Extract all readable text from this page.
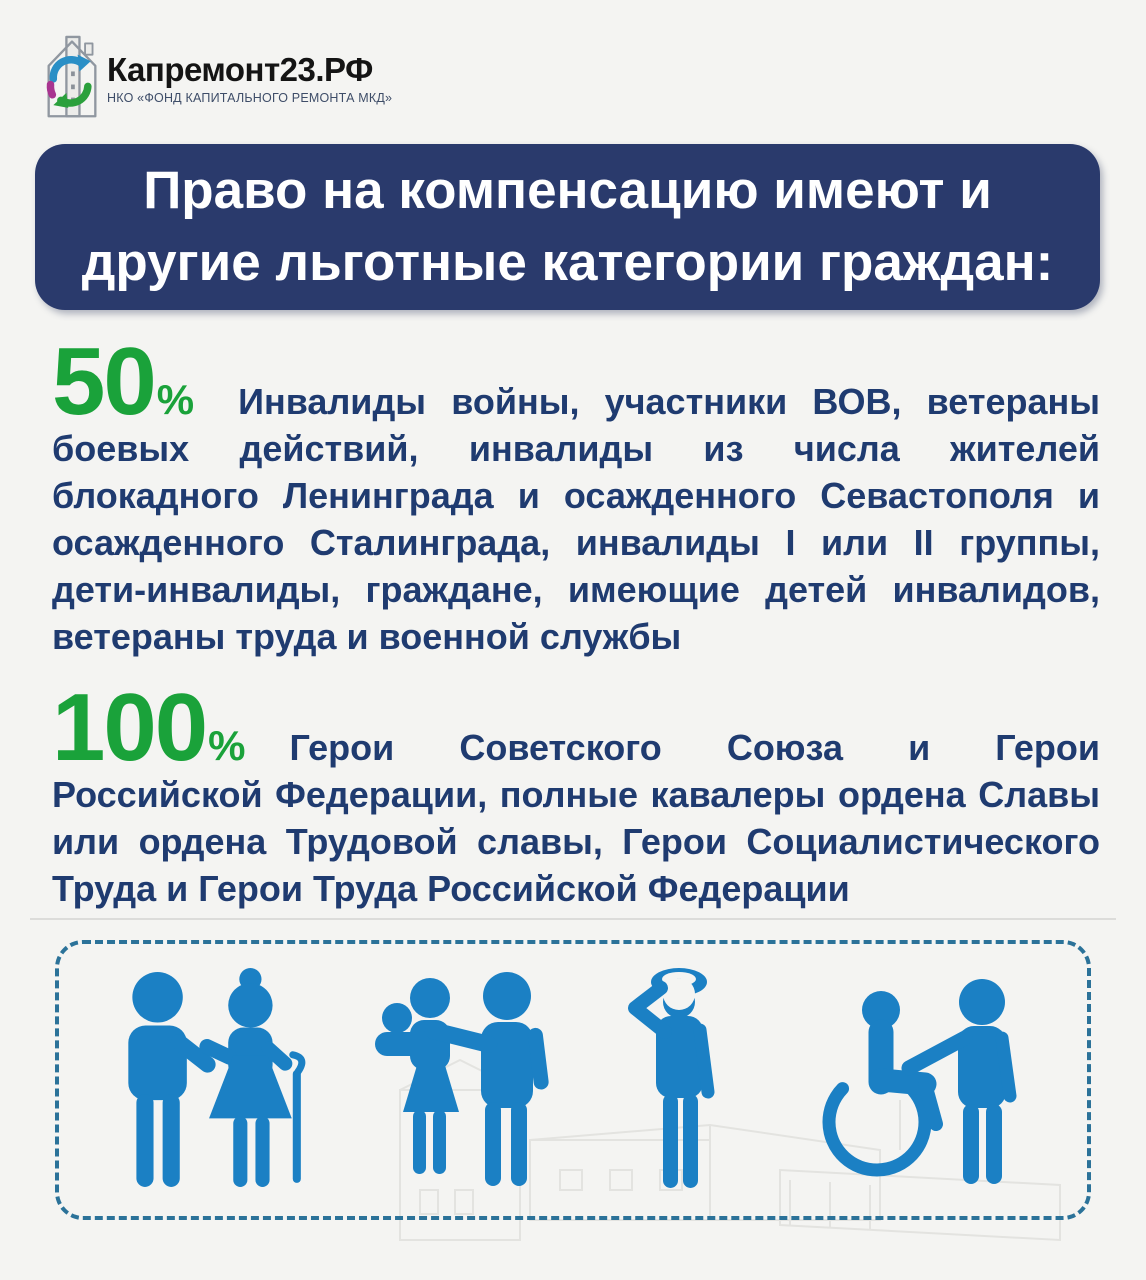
Капремонт23.РФ
НКО «ФОНД КАПИТАЛЬНОГО РЕМОНТА МКД»
Право на компенсацию имеют и
другие льготные категории граждан:

50% Инвалиды войны, участники ВОВ, ветераны боевых действий, инвалиды из числа жителей блокадного Ленинграда и осажденного Севастополя и осажденного Сталинграда, инвалиды I или II группы, дети-инвалиды, граждане, имеющие детей инвалидов, ветераны труда и военной службы

100% Герои Советского Союза и Герои Российской Федерации, полные кавалеры ордена Славы или ордена Трудовой славы, Герои Социалистического Труда и Герои Труда Российской Федерации
